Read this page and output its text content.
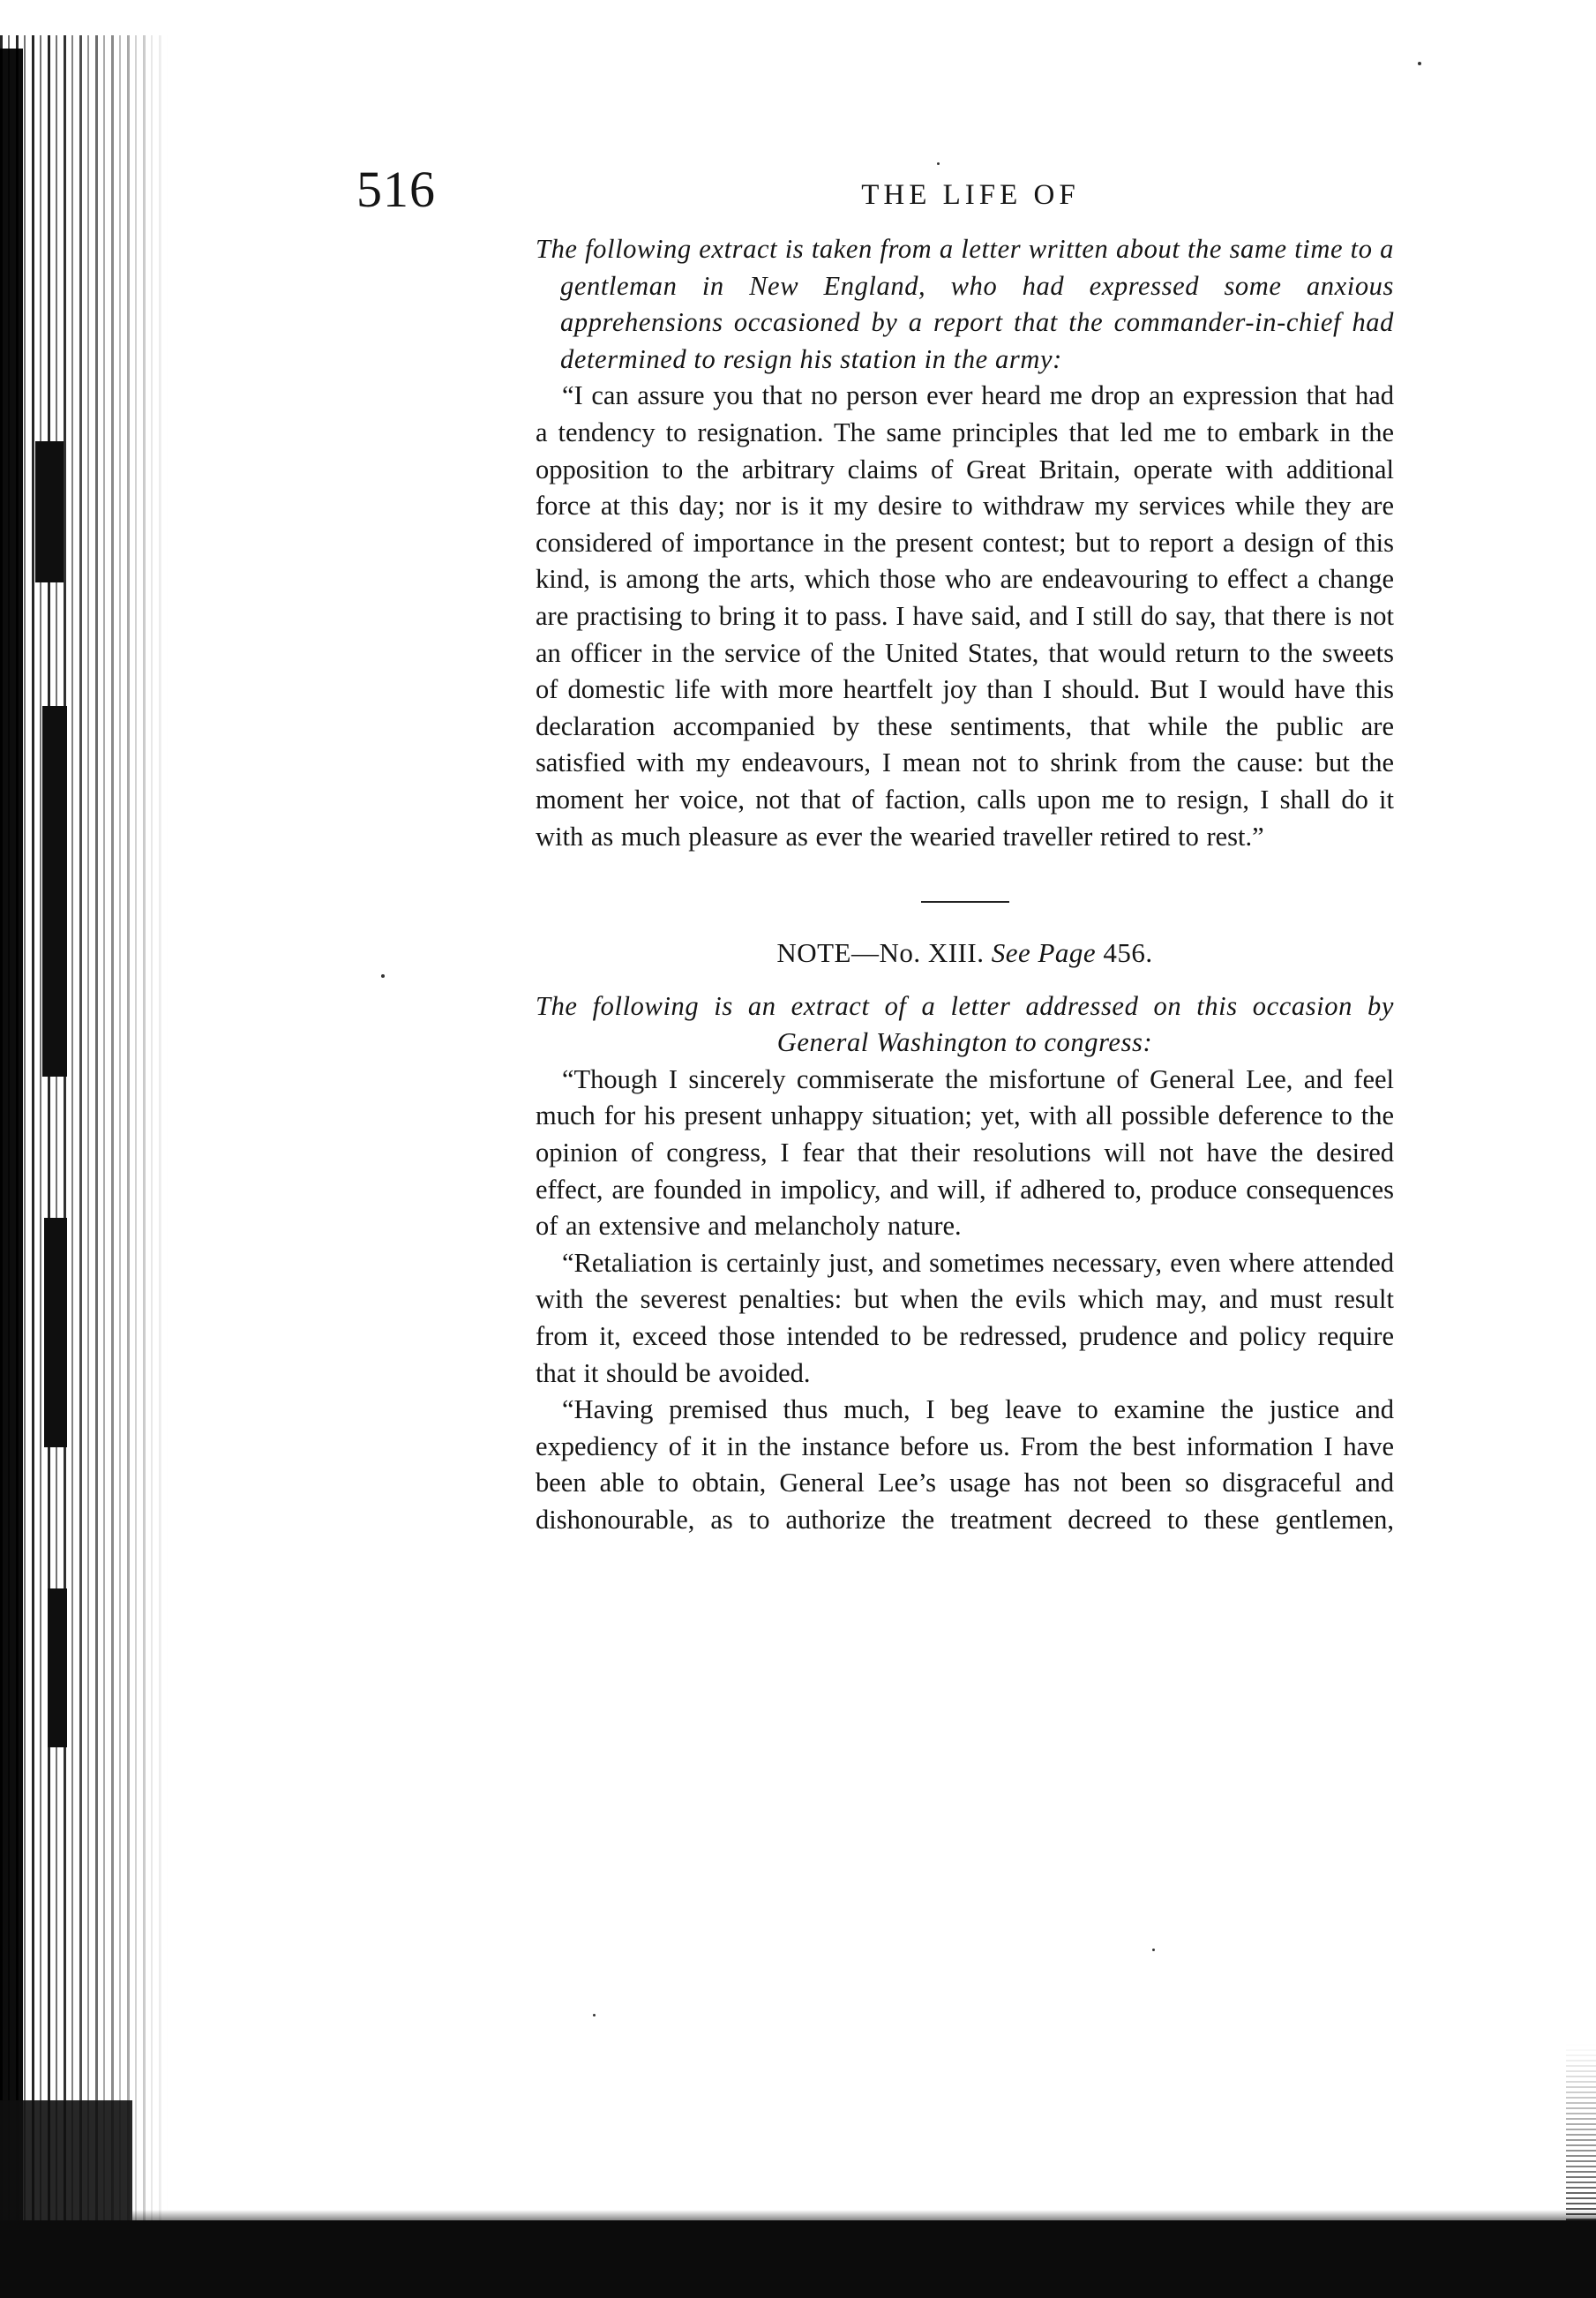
516	THE LIFE OF

The following extract is taken from a letter written about the same time to a gentleman in New England, who had expressed some anxious apprehensions occasioned by a report that the commander-in-chief had determined to resign his station in the army:

“I can assure you that no person ever heard me drop an expression that had a tendency to resignation. The same principles that led me to embark in the opposition to the arbitrary claims of Great Britain, operate with additional force at this day; nor is it my desire to withdraw my services while they are considered of importance in the present contest; but to report a design of this kind, is among the arts, which those who are endeavouring to effect a change are practising to bring it to pass. I have said, and I still do say, that there is not an officer in the service of the United States, that would return to the sweets of domestic life with more heartfelt joy than I should. But I would have this declaration accompanied by these sentiments, that while the public are satisfied with my endeavours, I mean not to shrink from the cause: but the moment her voice, not that of faction, calls upon me to resign, I shall do it with as much pleasure as ever the wearied traveller retired to rest.”

NOTE—No. XIII. See Page 456.

The following is an extract of a letter addressed on this occasion by General Washington to congress:

“Though I sincerely commiserate the misfortune of General Lee, and feel much for his present unhappy situation; yet, with all possible deference to the opinion of congress, I fear that their resolutions will not have the desired effect, are founded in impolicy, and will, if adhered to, produce consequences of an extensive and melancholy nature.

“Retaliation is certainly just, and sometimes necessary, even where attended with the severest penalties: but when the evils which may, and must result from it, exceed those intended to be redressed, prudence and policy require that it should be avoided.

“Having premised thus much, I beg leave to examine the justice and expediency of it in the instance before us. From the best information I have been able to obtain, General Lee’s usage has not been so disgraceful and dishonourable, as to authorize the treatment decreed to these gentlemen,
